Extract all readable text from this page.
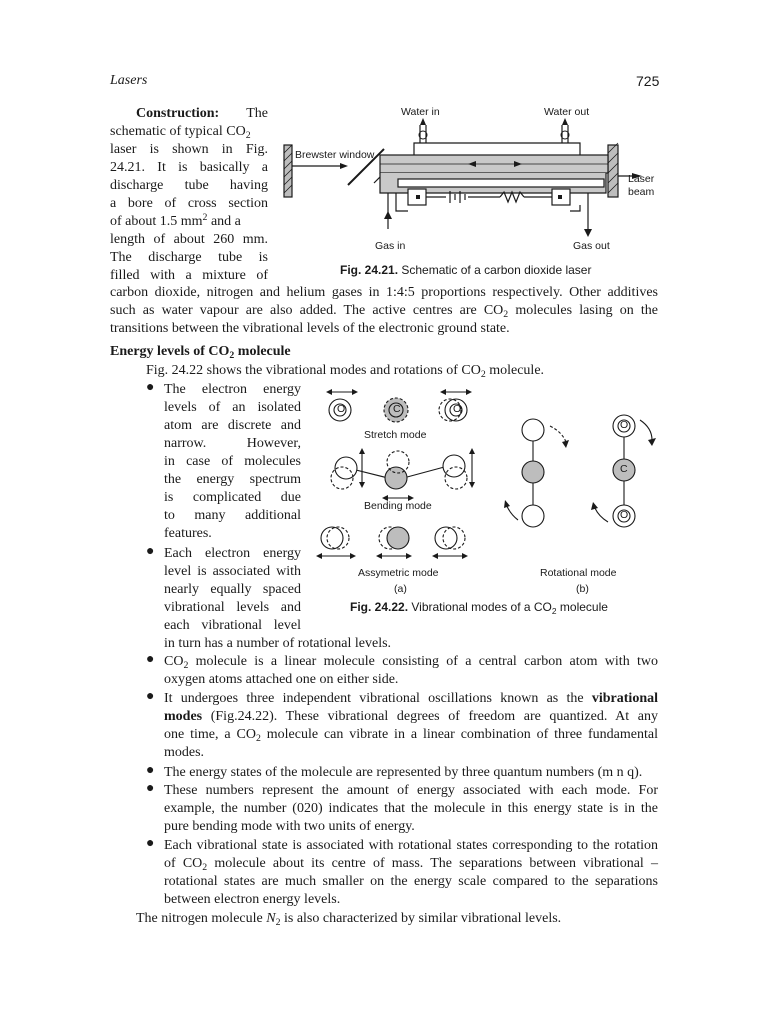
Lasers	725
Construction: The
schematic of typical $CO_2$
laser is shown in Fig.
24.21. It is basically a
discharge tube having
a bore of cross section
of about 1.5 $mm^2$ and a
length of about 260 mm.
The discharge tube is
filled with a mixture of
Water in	Water out
Brewster window
Laser
beam
Gas in	Gas out
Fig. 24.21. Schematic of a carbon dioxide laser
carbon dioxide, nitrogen and helium gases in 1:4:5 proportions respectively. Other additives
such as water vapour are also added. The active centres are $CO_2$ molecules lasing on the
transitions between the vibrational levels of the electronic ground state.
Energy levels of $CO_2$ molecule
Fig. 24.22 shows the vibrational modes and rotations of $CO_2$ molecule.
● The electron energy
levels of an isolated
atom are discrete and
narrow. However,
in case of molecules
the energy spectrum
is complicated due
to many additional
features.
● Each electron energy
level is associated with
nearly equally spaced
vibrational levels and
each vibrational level
in turn has a number of rotational levels.
O	C	O
O
C
O
Stretch mode
Bending mode
Assymetric mode	Rotational mode
(a)	(b)
Fig. 24.22. Vibrational modes of a $CO_2$ molecule
● $CO_2$ molecule is a linear molecule consisting of a central carbon atom with two
oxygen atoms attached one on either side.
● It undergoes three independent vibrational oscillations known as the vibrational
modes (Fig.24.22). These vibrational degrees of freedom are quantized. At any
one time, a $CO_2$ molecule can vibrate in a linear combination of three fundamental
modes.
● The energy states of the molecule are represented by three quantum numbers (m n q).
● These numbers represent the amount of energy associated with each mode. For
example, the number (020) indicates that the molecule in this energy state is in the
pure bending mode with two units of energy.
● Each vibrational state is associated with rotational states corresponding to the rotation
of $CO_2$ molecule about its centre of mass. The separations between vibrational –
rotational states are much smaller on the energy scale compared to the separations
between electron energy levels.
The nitrogen molecule $N_2$ is also characterized by similar vibrational levels.
